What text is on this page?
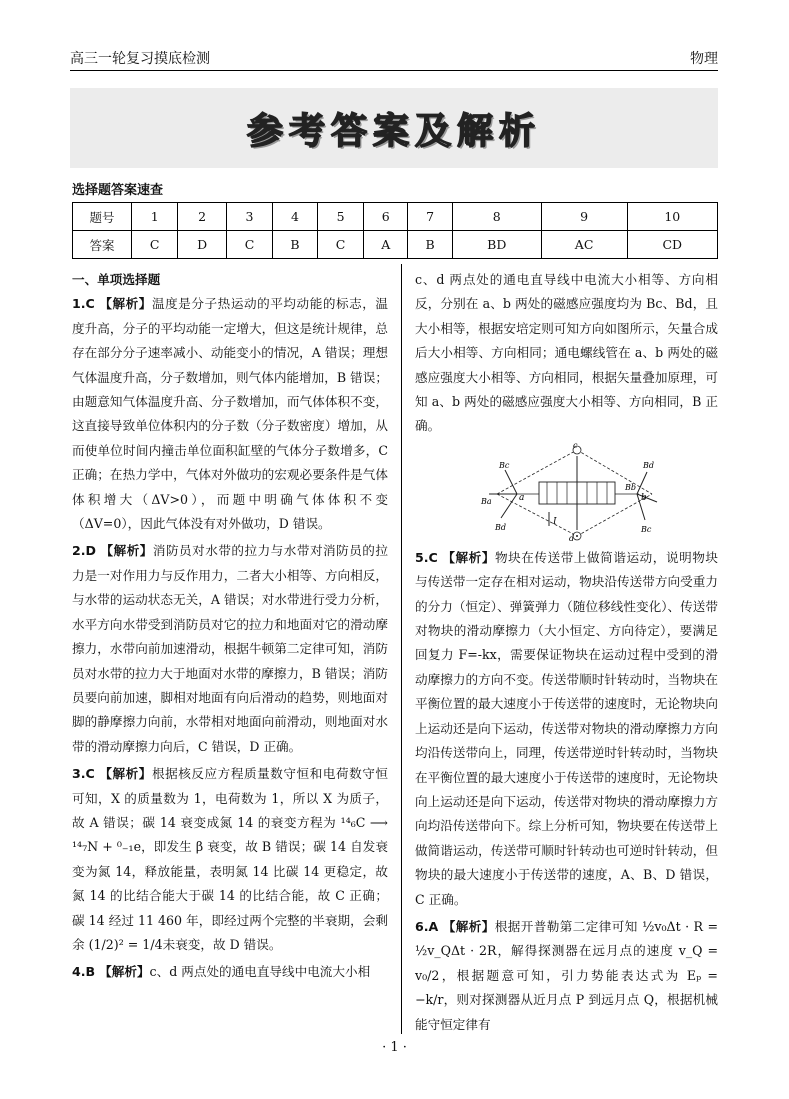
高三一轮复习摸底检测	物理
参考答案及解析
选择题答案速查
题号	1	2	3	4	5	6	7	8	9	10
答案	C	D	C	B	C	A	B	BD	AC	CD
一、单项选择题

1.C 【解析】温度是分子热运动的平均动能的标志，温度升高，分子的平均动能一定增大，但这是统计规律，总存在部分分子速率减小、动能变小的情况，A 错误；理想气体温度升高，分子数增加，则气体内能增加，B 错误；由题意知气体温度升高、分子数增加，而气体体积不变，这直接导致单位体积内的分子数（分子数密度）增加，从而使单位时间内撞击单位面积缸壁的气体分子数增多，C 正确；在热力学中，气体对外做功的宏观必要条件是气体体积增大（ΔV>0），而题中明确气体体积不变（ΔV=0），因此气体没有对外做功，D 错误。

2.D 【解析】消防员对水带的拉力与水带对消防员的拉力是一对作用力与反作用力，二者大小相等、方向相反，与水带的运动状态无关，A 错误；对水带进行受力分析，水平方向水带受到消防员对它的拉力和地面对它的滑动摩擦力，水带向前加速滑动，根据牛顿第二定律可知，消防员对水带的拉力大于地面对水带的摩擦力，B 错误；消防员要向前加速，脚相对地面有向后滑动的趋势，则地面对脚的静摩擦力向前，水带相对地面向前滑动，则地面对水带的滑动摩擦力向后，C 错误，D 正确。

3.C 【解析】根据核反应方程质量数守恒和电荷数守恒可知，X 的质量数为 1，电荷数为 1，所以 X 为质子，故 A 错误；碳 14 衰变成氮 14 的衰变方程为 ¹⁴₆C ⟶ ¹⁴₇N + ⁰₋₁e，即发生 β 衰变，故 B 错误；碳 14 自发衰变为氮 14，释放能量，表明氮 14 比碳 14 更稳定，故氮 14 的比结合能大于碳 14 的比结合能，故 C 正确；碳 14 经过 11 460 年，即经过两个完整的半衰期，会剩余 (1/2)² = 1/4未衰变，故 D 错误。

4.B 【解析】c、d 两点处的通电直导线中电流大小相

c、d 两点处的通电直导线中电流大小相等、方向相反，分别在 a、b 两处的磁感应强度均为 Bc、Bd，且大小相等，根据安培定则可知方向如图所示，矢量合成后大小相等、方向相同；通电螺线管在 a、b 两处的磁感应强度大小相等、方向相同，根据矢量叠加原理，可知 a、b 两处的磁感应强度大小相等、方向相同，B 正确。

c
d
a	b
I
Bc
Ba
Bd
Bd
Bb
Bc

5.C 【解析】物块在传送带上做简谐运动，说明物块与传送带一定存在相对运动，物块沿传送带方向受重力的分力（恒定）、弹簧弹力（随位移线性变化）、传送带对物块的滑动摩擦力（大小恒定、方向待定），要满足回复力 F=-kx，需要保证物块在运动过程中受到的滑动摩擦力的方向不变。传送带顺时针转动时，当物块在平衡位置的最大速度小于传送带的速度时，无论物块向上运动还是向下运动，传送带对物块的滑动摩擦力方向均沿传送带向上，同理，传送带逆时针转动时，当物块在平衡位置的最大速度小于传送带的速度时，无论物块向上运动还是向下运动，传送带对物块的滑动摩擦力方向均沿传送带向下。综上分析可知，物块要在传送带上做简谐运动，传送带可顺时针转动也可逆时针转动，但物块的最大速度小于传送带的速度，A、B、D 错误，C 正确。

6.A 【解析】根据开普勒第二定律可知 ½v₀Δt · R = ½v_QΔt · 2R，解得探测器在远月点的速度 v_Q = v₀/2，根据题意可知，引力势能表达式为 Eₚ = −k/r，则对探测器从近月点 P 到远月点 Q，根据机械能守恒定律有

· 1 ·
